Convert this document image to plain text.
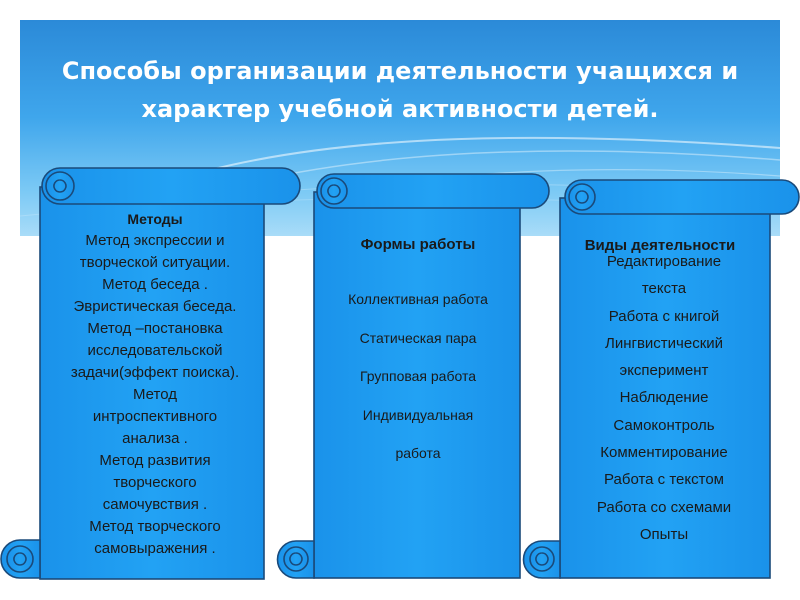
Способы организации деятельности учащихся и
характер учебной активности детей.
Методы
Метод экспрессии и
творческой ситуации.
Метод беседа .
Эвристическая беседа.
Метод –постановка
исследовательской
задачи(эффект поиска).
Метод
интроспективного
анализа .
Метод развития
творческого
самочувствия .
Метод творческого
самовыражения .
Формы работы
Коллективная работа
Статическая пара
Групповая работа
Индивидуальная
работа
Виды деятельности
Редактирование
текста
Работа с книгой
Лингвистический
эксперимент
Наблюдение
Самоконтроль
Комментирование
Работа с текстом
Работа со схемами
Опыты
